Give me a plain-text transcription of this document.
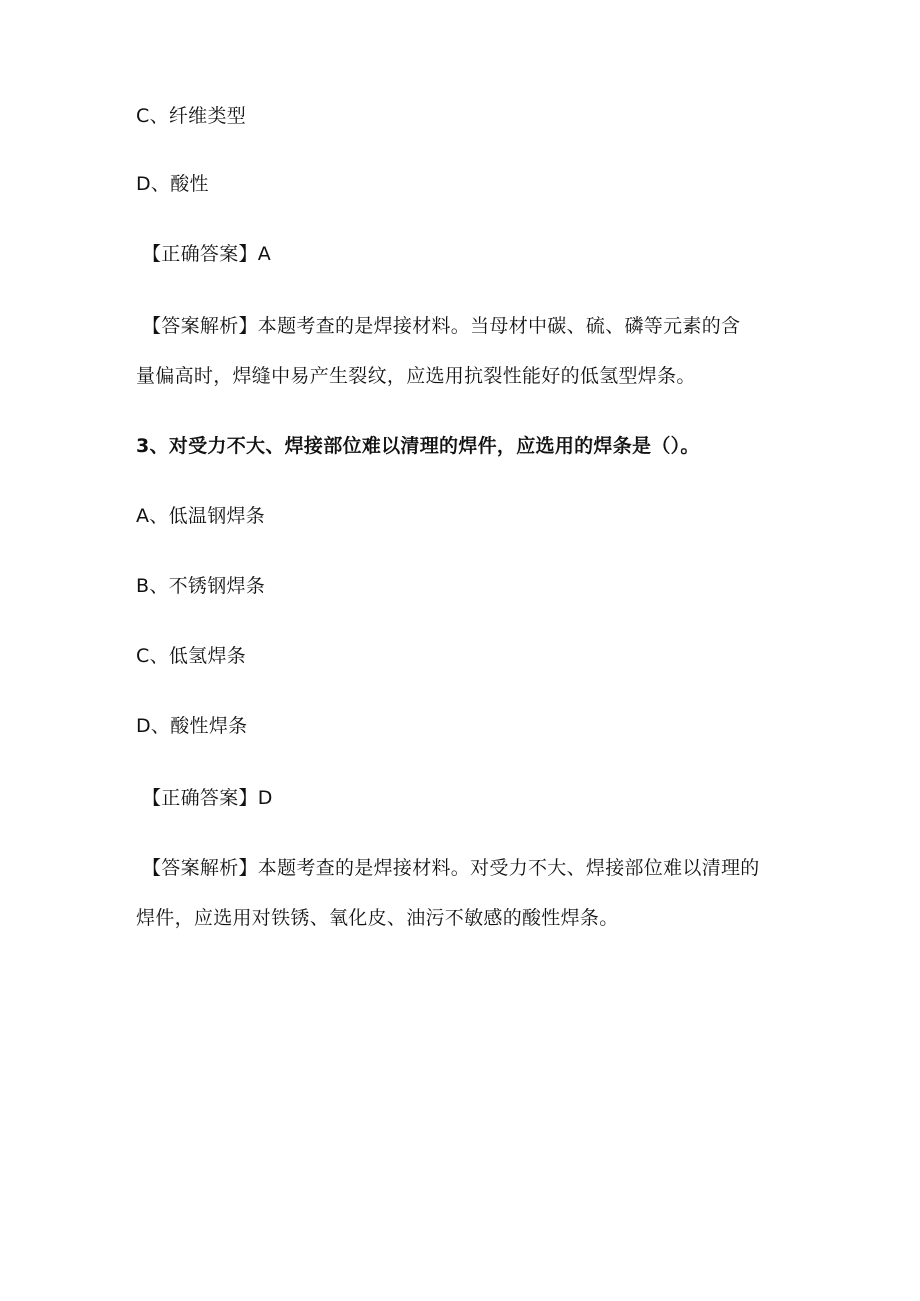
C、纤维类型
D、酸性
【正确答案】A
【答案解析】本题考查的是焊接材料。当母材中碳、硫、磷等元素的含
量偏高时，焊缝中易产生裂纹，应选用抗裂性能好的低氢型焊条。
3、对受力不大、焊接部位难以清理的焊件，应选用的焊条是（）。
A、低温钢焊条
B、不锈钢焊条
C、低氢焊条
D、酸性焊条
【正确答案】D
【答案解析】本题考查的是焊接材料。对受力不大、焊接部位难以清理的
焊件，应选用对铁锈、氧化皮、油污不敏感的酸性焊条。
